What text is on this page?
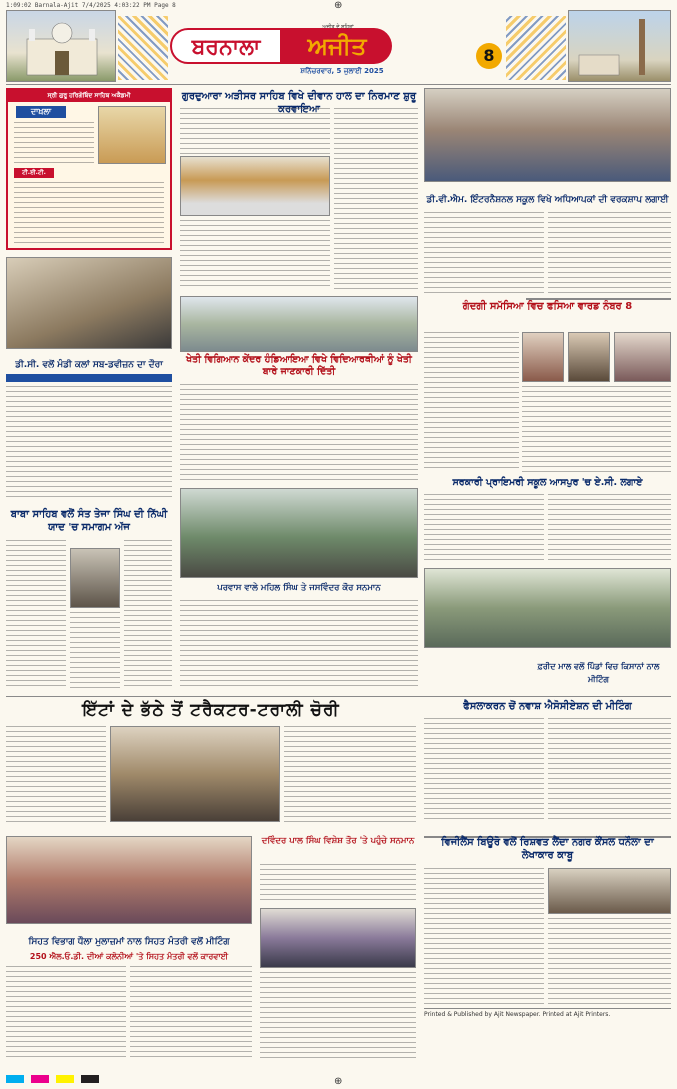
1:09:02 Barnala-Ajit 7/4/2025 4:03:22 PM Page 8	⊕
ਬਰਨਾਲਾ	ਅਜੀਤ
ਅਜੀਤ ਦੇ ਸ਼ਹਿਰਾਂ
ਸ਼ਨਿੱਚਰਵਾਰ, 5 ਜੁਲਾਈ 2025
8
ਸ੍ਰੀ ਗੁਰੂ ਹਰਿਗੋਬਿੰਦ ਸਾਹਿਬ ਅਕੈਡਮੀ
ਦਾਖ਼ਲਾ
ਟੀ.ਈ.ਟੀ.
ਡੀ.ਸੀ. ਵਲੋਂ ਮੰਡੀ ਕਲਾਂ ਸਬ-ਡਵੀਜ਼ਨ ਦਾ ਦੌਰਾ
ਬਾਬਾ ਸਾਹਿਬ ਵਲੋਂ ਸੰਤ ਤੇਜਾ ਸਿੰਘ ਦੀ ਨਿੱਘੀ ਯਾਦ 'ਚ ਸਮਾਗਮ ਅੱਜ
ਗੁਰਦੁਆਰਾ ਅੜੀਸਰ ਸਾਹਿਬ ਵਿਖੇ ਦੀਵਾਨ ਹਾਲ ਦਾ ਨਿਰਮਾਣ ਸ਼ੁਰੂ ਕਰਵਾਇਆ
ਖੇਤੀ ਵਿਗਿਆਨ ਕੇਂਦਰ ਹੰਡਿਆਇਆ ਵਿਖੇ ਵਿਦਿਆਰਥੀਆਂ ਨੂੰ ਖੇਤੀ ਬਾਰੇ ਜਾਣਕਾਰੀ ਦਿੱਤੀ
ਪਰਵਾਸ ਵਾਲੇ ਮਹਿਲ ਸਿੰਘ ਤੇ ਜਸਵਿੰਦਰ ਕੌਰ ਸਨਮਾਨ
ਡੀ.ਵੀ.ਐਮ. ਇੰਟਰਨੈਸ਼ਨਲ ਸਕੂਲ ਵਿਖੇ ਅਧਿਆਪਕਾਂ ਦੀ ਵਰਕਸ਼ਾਪ ਲਗਾਈ
ਗੰਦਗੀ ਸਮੱਸਿਆ ਵਿਚ ਫਸਿਆ ਵਾਰਡ ਨੰਬਰ 8
ਸਰਕਾਰੀ ਪ੍ਰਾਇਮਰੀ ਸਕੂਲ ਆਸਪੁਰ 'ਚ ਏ.ਸੀ. ਲਗਾਏ
ਫ਼ਰੀਦ ਮਾਲ ਵਲੋਂ ਪਿੰਡਾਂ ਵਿਚ ਕਿਸਾਨਾਂ ਨਾਲ ਮੀਟਿੰਗ
ਇੱਟਾਂ ਦੇ ਭੱਠੇ ਤੋਂ ਟਰੈਕਟਰ-ਟਰਾਲੀ ਚੋਰੀ	ਫੈਸਲਾਕਰਨ ਚੋਂ ਨਵਾਸ਼ ਐਸੋਸੀਏਸ਼ਨ ਦੀ ਮੀਟਿੰਗ
ਸਿਹਤ ਵਿਭਾਗ ਧੌਲਾ ਮੁਲਾਜ਼ਮਾਂ ਨਾਲ ਸਿਹਤ ਮੰਤਰੀ ਵਲੋਂ ਮੀਟਿੰਗ
250 ਐਲ.ਓ.ਡੀ. ਦੀਆਂ ਕਲੋਨੀਆਂ 'ਤੇ ਸਿਹਤ ਮੰਤਰੀ ਵਲੋਂ ਕਾਰਵਾਈ
ਦਵਿੰਦਰ ਪਾਲ ਸਿੰਘ ਵਿਸ਼ੇਸ਼ ਤੌਰ 'ਤੇ ਪਹੁੰਚੇ ਸਨਮਾਨ	ਵਿਜੀਲੈਂਸ ਬਿਊਰੋ ਵਲੋਂ ਰਿਸ਼ਵਤ ਲੈਂਦਾ ਨਗਰ ਕੌਂਸਲ ਧਨੌਲਾ ਦਾ ਲੇਖਾਕਾਰ ਕਾਬੂ
Printed & Published by Ajit Newspaper. Printed at Ajit Printers.

⊕
